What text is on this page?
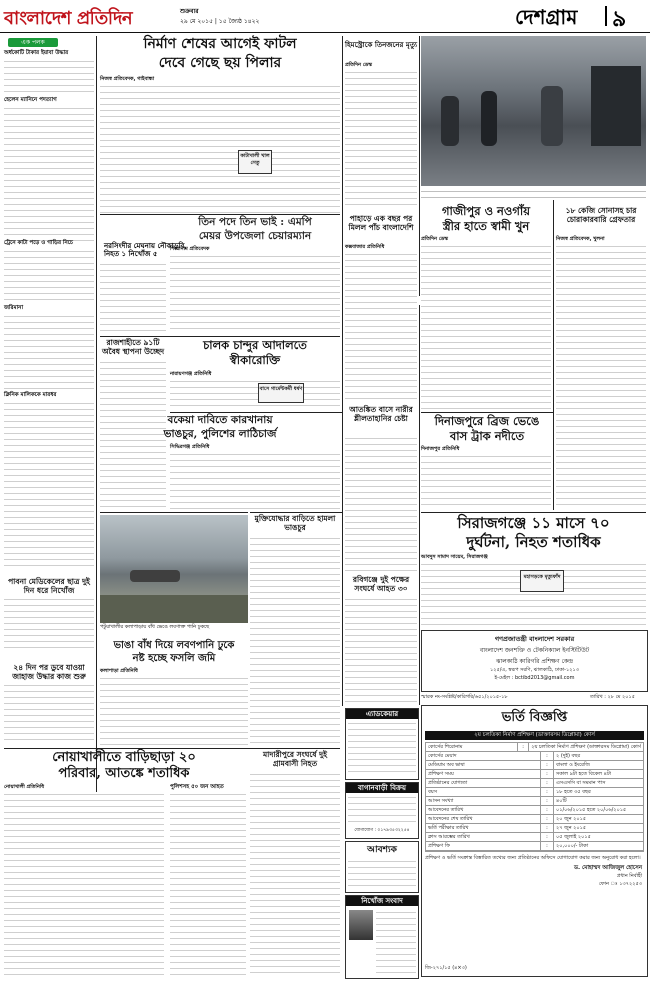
বাংলাদেশ প্রতিদিন	শুক্রবার
২৯ মে ২০১৫ | ১৫ জ্যৈষ্ঠ ১৪২২	দেশগ্রাম ৯
এক পলক
অর্ধকোটি টাকার ইয়াবা উদ্ধার
হেলেন ম্যানিনে পদত্যাগ
ট্রেনে কাটা পড়ে ও গাড়ির নিচে
জরিমানা
ক্লিনিক মালিককে মারধর
পাবনা মেডিকেলের ছাত্র দুই দিন ধরে নিখোঁজ
২৪ দিন পর ডুবে যাওয়া জাহাজ উদ্ধার কাজ শুরু
নরসিংদীর মেঘনায় নৌকাডুবি, নিহত ১ নিখোঁজ ৫
নির্মাণ শেষের আগেই ফাটল
দেবে গেছে ছয় পিলার
নিজস্ব প্রতিবেদক, গাইবান্ধা
কাটাখালী খাল সেতু
হিমস্ট্রোকে তিনজনের মৃত্যু
প্রতিদিন ডেস্ক
তিন পদে তিন ভাই : এমপি
মেয়র উপজেলা চেয়ারম্যান
শিরোনাম প্রতিবেদক
পাহাড়ে এক বছর পর মিলল পাঁচ বাংলাদেশি
কক্সবাজার প্রতিনিধি
গাজীপুর ও নওগাঁয়
স্ত্রীর হাতে স্বামী খুন
প্রতিদিন ডেস্ক
১৮ কেজি সোনাসহ চার চোরাকারবারি গ্রেফতার
নিজস্ব প্রতিবেদক, খুলনা
রাজশাহীতে ৯১টি অবৈধ স্থাপনা উচ্ছেদ	চালক চান্দুর আদালতে
স্বীকারোক্তি
নারায়ণগঞ্জ প্রতিনিধি
বাসে গার্মেন্টকর্মী ধর্ষণ
আতঙ্কিত বাসে নারীর শ্লীলতাহানির চেষ্টা	দিনাজপুরে ব্রিজ ভেঙে
বাস ট্রাক নদীতে
দিনাজপুর প্রতিনিধি
বকেয়া দাবিতে কারখানায়
ভাঙচুর, পুলিশের লাঠিচার্জ
সিদ্ধিরগঞ্জ প্রতিনিধি
মুক্তিযোদ্ধার বাড়িতে হামলা ভাঙচুর
রবিগঞ্জে দুই পক্ষের সংঘর্ষে আহত ৩০
সিরাজগঞ্জে ১১ মাসে ৭০
দুর্ঘটনা, নিহত শতাধিক
আবদুস সামাদ সায়েম, সিরাজগঞ্জ
মহাসড়কে মৃত্যুফাঁদ
পটুয়াখালীর কলাপাড়ায় বাঁধ ভেঙে লবণাক্ত পানি ঢুকছে
ভাঙা বাঁধ দিয়ে লবণপানি ঢুকে
নষ্ট হচ্ছে ফসলি জমি
কলাপাড়া প্রতিনিধি
গণপ্রজাতন্ত্রী বাংলাদেশ সরকার
বাংলাদেশ জনশক্তি ও টেকনিক্যাল ইনস্টিটিউট
ঝালকাঠি কারিগরি প্রশিক্ষণ কেন্দ্র
১২৫/এ, স্বরূপ সরণি, ঝালকাঠি, ঢাকা-১২১৩
ই-মেইল : bctibd2013@gmail.com
স্মারক নং-সংশ্লিষ্ট/কারিগরি/৬৫১/২০১৫-১৮	তারিখ : ২৮ মে ২০১৫
ভর্তি বিজ্ঞপ্তি
২য় চলতিকা নির্মাণ প্রশিক্ষণ (ডাক্তারসম ডিপ্লোমা) কোর্স
কোর্সের শিরোনাম	:	২য় চলতিকা নির্মাণ প্রশিক্ষণ (ডাক্তারসম ডিপ্লোমা) কোর্স
কোর্সের মেয়াদ	:	২ (দুই) বছর
মেডিয়াম অব ভাষা	:	বাংলা ও ইংরেজি
প্রশিক্ষণ সময়	:	সকাল ৯টা হতে বিকেল ৪টা
প্রতিষ্ঠানের যোগ্যতা	:	এসএসসি বা সমমান পাস
বয়স	:	১৮ হতে ৩৫ বছর
আসন সংখ্যা	:	৪০টি
আবেদনের তারিখ	:	০১/০৬/২০১৫ হতে ২০/০৬/২০১৫
আবেদনের শেষ তারিখ	:	২০ জুন ২০১৫
ভর্তি পরীক্ষার তারিখ	:	২৭ জুন ২০১৫
ক্লাস আরম্ভের তারিখ	:	০৫ জুলাই ২০১৫
প্রশিক্ষণ ফি	:	২০,০০০/- টাকা
প্রশিক্ষণ ও ভর্তি সংক্রান্ত বিস্তারিত তথ্যের জন্য প্রতিষ্ঠানের অফিসে যোগাযোগ করার জন্য অনুরোধ করা হলো।
ড. মোহাম্মদ আজিজুল হোসেন
প্রধান নির্বাহী
ফোন ঃ ১৩৭২২৫৩
জি-২৭১/১৫ (৪×৩)
এ্যাডকেয়ার
বাগানবাড়ী বিক্রয়
যোগাযোগ : ০১৭৯৩৫৩২২৫৪
আবশ্যক
নিখোঁজ সংবাদ
নোয়াখালীতে বাড়িছাড়া ২০
পরিবার, আতঙ্কে শতাধিক
নোয়াখালী প্রতিনিধি	পুলিশসহ ৫০ জন আহত
মাদারীপুরে সংঘর্ষে দুই গ্রামবাসী নিহত
